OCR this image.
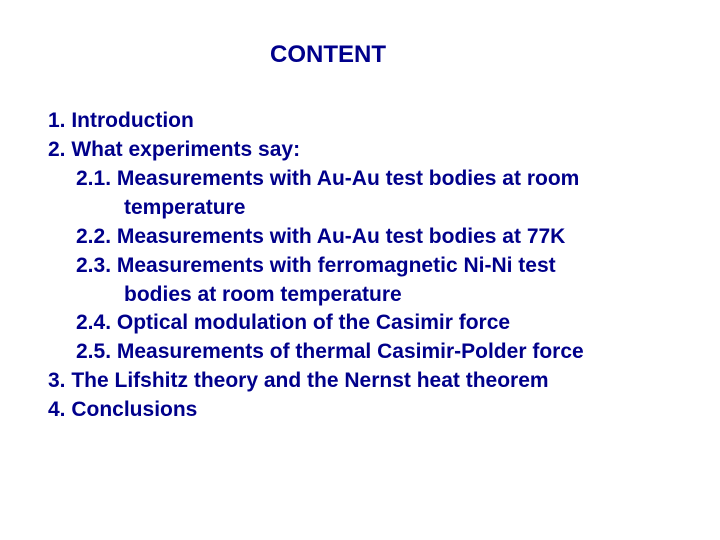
CONTENT
1. Introduction
2. What experiments say:
2.1. Measurements with Au-Au test bodies at room
temperature
2.2. Measurements with Au-Au test bodies at 77K
2.3. Measurements with ferromagnetic Ni-Ni test
bodies at room temperature
2.4. Optical modulation of the Casimir force
2.5. Measurements of thermal Casimir-Polder force
3. The Lifshitz theory and the Nernst heat theorem
4. Conclusions
